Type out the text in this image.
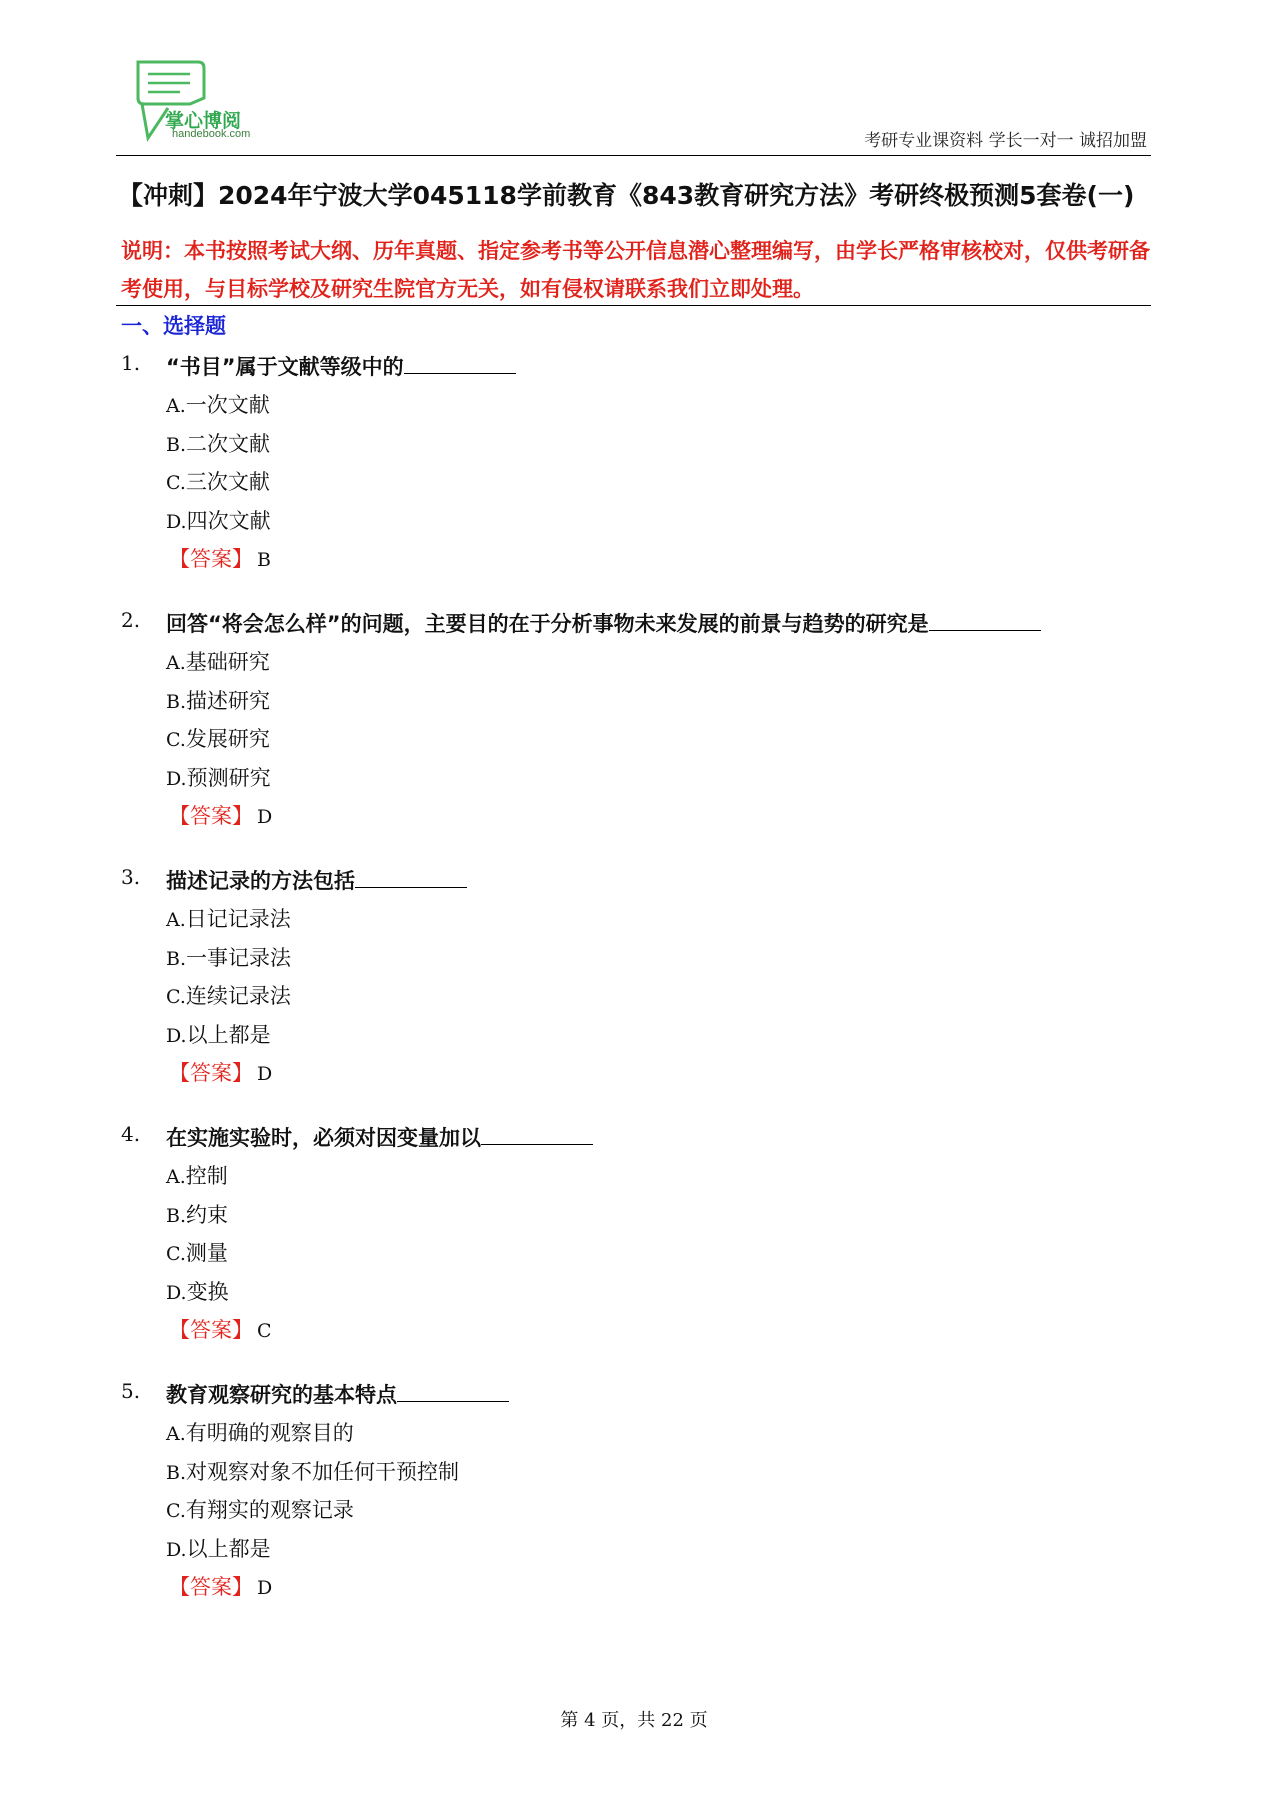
掌心博阅
handebook.com	考研专业课资料 学长一对一 诚招加盟
【冲刺】2024年宁波大学045118学前教育《843教育研究方法》考研终极预测5套卷(一)
说明：本书按照考试大纲、历年真题、指定参考书等公开信息潜心整理编写，由学长严格审核校对，仅供考研备考使用，与目标学校及研究生院官方无关，如有侵权请联系我们立即处理。
一、选择题
1. “书目”属于文献等级中的
A.一次文献
B.二次文献
C.三次文献
D.四次文献
【答案】 B
2. 回答“将会怎么样”的问题，主要目的在于分析事物未来发展的前景与趋势的研究是
A.基础研究
B.描述研究
C.发展研究
D.预测研究
【答案】 D
3. 描述记录的方法包括
A.日记记录法
B.一事记录法
C.连续记录法
D.以上都是
【答案】 D
4. 在实施实验时，必须对因变量加以
A.控制
B.约束
C.测量
D.变换
【答案】 C
5. 教育观察研究的基本特点
A.有明确的观察目的
B.对观察对象不加任何干预控制
C.有翔实的观察记录
D.以上都是
【答案】 D
第 4 页，共 22 页
